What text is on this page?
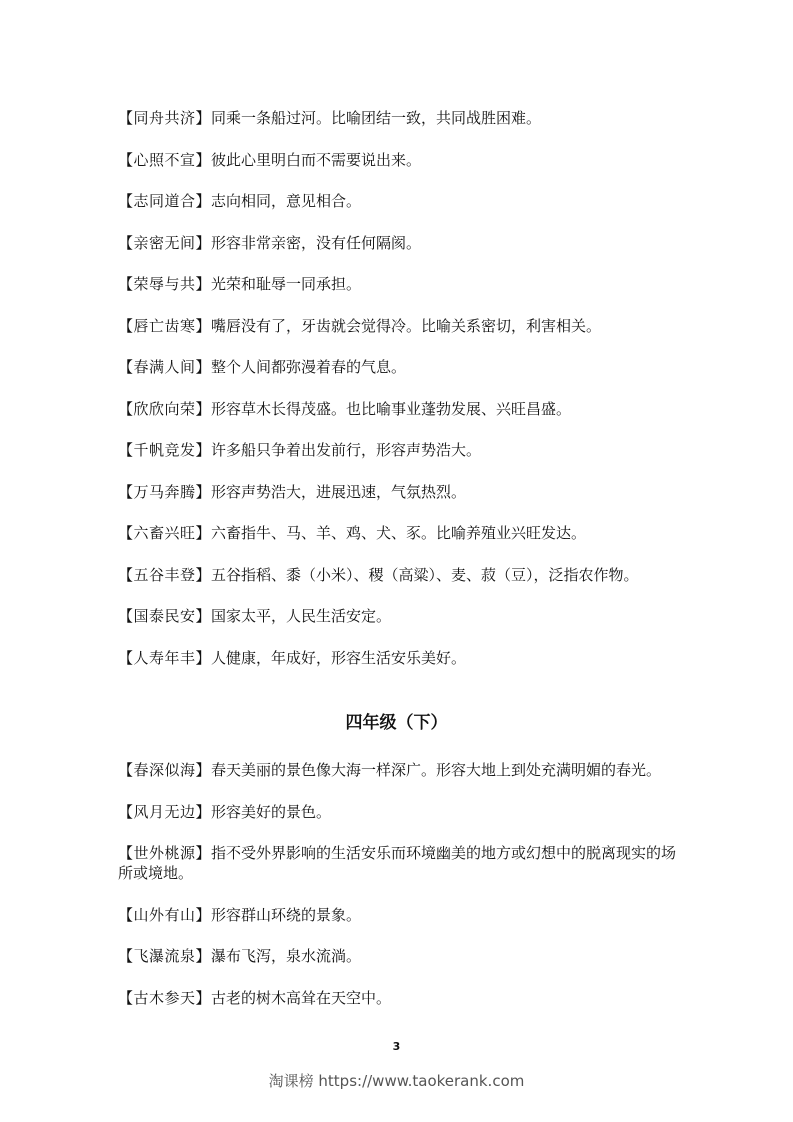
【同舟共济】同乘一条船过河。比喻团结一致，共同战胜困难。

【心照不宣】彼此心里明白而不需要说出来。

【志同道合】志向相同，意见相合。

【亲密无间】形容非常亲密，没有任何隔阂。

【荣辱与共】光荣和耻辱一同承担。

【唇亡齿寒】嘴唇没有了，牙齿就会觉得冷。比喻关系密切，利害相关。

【春满人间】整个人间都弥漫着春的气息。

【欣欣向荣】形容草木长得茂盛。也比喻事业蓬勃发展、兴旺昌盛。

【千帆竞发】许多船只争着出发前行，形容声势浩大。

【万马奔腾】形容声势浩大，进展迅速，气氛热烈。

【六畜兴旺】六畜指牛、马、羊、鸡、犬、豕。比喻养殖业兴旺发达。

【五谷丰登】五谷指稻、黍（小米）、稷（高粱）、麦、菽（豆），泛指农作物。

【国泰民安】国家太平，人民生活安定。

【人寿年丰】人健康，年成好，形容生活安乐美好。

四年级（下）

【春深似海】春天美丽的景色像大海一样深广。形容大地上到处充满明媚的春光。

【风月无边】形容美好的景色。

【世外桃源】指不受外界影响的生活安乐而环境幽美的地方或幻想中的脱离现实的场所或境地。

【山外有山】形容群山环绕的景象。

【飞瀑流泉】瀑布飞泻，泉水流淌。

【古木参天】古老的树木高耸在天空中。

3
淘课榜 https://www.taokerank.com
